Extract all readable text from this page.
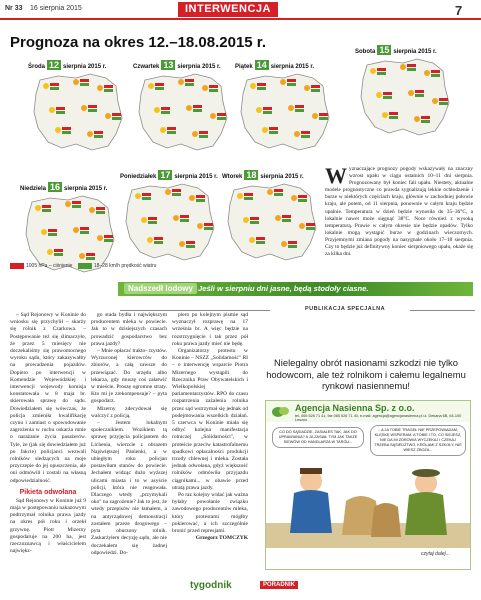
Nr 33 16 sierpnia 2015	INTERWENCJA	7
Prognoza na okres 12.–18.08.2015 r.
Środa 12 sierpnia 2015 r.	Czwartek 13 sierpnia 2015 r. Piątek 14 sierpnia 2015 r.
Sobota 15 sierpnia 2015 r.
Niedziela 16 sierpnia 2015 r.
Poniedziałek 17 sierpnia 2015 r. Wtorek 18 sierpnia 2015 r.
1005 hPa – ciśnienie	18–28 km/h prędkość wiatru
W yznaczające prognozy pogody wskazywały na znaczny wzrost upału w ciągu ostatnich 10–11 dni sierpnia. Prognozowany był koniec fali upału. Niestety, aktualne modele prognostyczne co prawda sygnalizują lekkie ochłodzenie i burze w niektórych częściach kraju, głównie w zachodniej połowie kraju, ale potem, od 11 sierpnia, ponownie w całym kraju będzie upalnie. Temperatura w dzień będzie wynosiła do 35–36°C, a lokalnie nawet może sięgnąć 38°C. Noce również z wysoką temperaturą. Prawie w całym okresie nie będzie opadów. Tylko lokalnie mogą wystąpić burze w godzinach wieczornych. Przyjemnymi zmiana pogody na nasygnale około 17–18 sierpnia. Czy to będzie już definitywny koniec sierpniowego upału, okaże się za kilka dni.
Nadszedł lodowy Jeśli w sierpniu dni jasne, będą stodoły ciasne.
PUBLIKACJA SPECJALNA

– Sąd Rejonowy w Koninie do wniosku się przychylił – skarży się rolnik z Czarkowa. – Postępowanie też się ślimaczyło, że przez 5 miesięcy nie doczekaliśmy się prawomocnego wyroku sądu, który zakazywałby na prowadzenia pojazdów. Dopiero po interwencji w Komendzie Wojewódzkiej i interwencji wojewody komisja konstatowała w 8 maja br. skierowała sprawę do sądu. Dowiedziałem się wówczas, że policja zmieniła kwalifikację czynu i zamiast o spowodowanie zagrożenia w ruchu oskarża mnie o narażanie życia pasażerów. Tyle, że (jak się dowiedziałem już po fakcie) policjanci wezwali rolników siedzących na moje przyczepie do jej opuszczenia, ale oni odmówili i zostali na własną odpowiedzialność.

Pikieta odwołana

Sąd Rejonowy w Koninie już 9 maja w postępowaniu nakazowym podtrzymał rolnika prawa jazdy na okres pół roku i orzekł grzywnę. Piotr Mizerny gospodaruje na 200 ha, jest rzeczoznawcą i właścicielem najwiękz-

go stada bydła i największym producentem mleka w powiecie. Jak to w dzisiejszych czasach prowadzić gospodarstwo bez prawa jazdy?

– Mnie opłacać trakto- rzystów. Wyrzuconej kierowców do zbiorów, a całą zawsze do przewiązać. Do urzędu albo lekarza, gdy muszę coś załatwić w mieście. Proszę ogromne straty. Kto mi je zrekompensuje? – pyta gospodarz.

Mizerny zdecydował się walczyć z policją.

– Jestem lokalnym społecznikiem. Wozikiem tą sprawę przyjęcia policjantem do Lichenia, wierzcie z obrazem Najświętszej Panienki, a w ubiegłym roku policjan postawiłam stanów do powiecie. Jechałem widząc dużo wyższej ulicami miasta i to w asyście policji, która nie reagowała. Dlaczego wtedy „przymykali oko" na zagrożenie? Jak to jest, że wtedy przepisów nie łamałem, a na antyrządowej demonstracji zostałem przeze drogowego – pyta oburzony rolnik. Zaskarżyłem decyzję sądu, ale nie doczekałem się żadnej odpowiedzi. Do-

piero po kolejnym pismie sąd wyznaczył rozprawę na 17 września br. A więc będzie na rozstrzygnięcie i tak przez pół roku prawa jazdy mieć nie będę.

Organizatorzy protestu w Koninie – NSZZ „Solidarność" RI – o interwencję wsparcie Piotra Mizernego wystąpili do Rzecznika Praw Obywatelskich i Wielkopolskiej parlamentarzystów. RPO do czasu rozpatrzenia zażalenia rolnika przez sąd wstrzymał się jednak od podejmowania wszelkich działań. 5 czerwca w Koninie miała się odbyć kolejna manifestacja rolniczej „Solidarności", w proteście przeciw katastrofalnemu spadkowi opłacalności produkcji trzody chlewnej i mleka. Została jednak odwołana, gdyż większość rolników odmówiła przyjazdu ciągnikami... w obawie przed utratą prawa jazdy.

Po raz kolejny widać jak ważna byłaby powołanie związku zawodowego producentów mleka, który protestami mógłby pokierować, a ich szczególnie bronić przed represjami.

Grzegorz TOMCZYK

Nielegalny obrót nasionami szkodzi nie tylko hodowcom, ale też rolnikom i całemu legalnemu rynkowi nasiennemu!
Agencja Nasienna Sp. z o.o.
tel. 065 526 71 41, fax 065 526 71 40, e-mail: agencja@agencjanasienna.pl ul. Dekana 6B, 64-100 Leszno
CO DO SĄSIADZIE, ZASIAŁEŚ TAK, JAK DO UPRAWIANIA? A JA ZASIAŁ TYM JAK TAKŻE SIEWÓW OD HANDLARZA W TARGU...
...A JA TOBIE TRAGEŁ NIE PRZEPOWIADAM, KLĘSKĘ WSPIERAM. A TOBIE I TO, CO SIEJESZ, NIE DA MI ZDROWIA WYCZEKAJ I CZEKAJ TRZEBA SĄSIEDZTWO, KRÓLAMI Z SZKOŁY, NIE WIESZ ZBOŻA...
czytaj dalej...
tygodnik	PORADNIK
